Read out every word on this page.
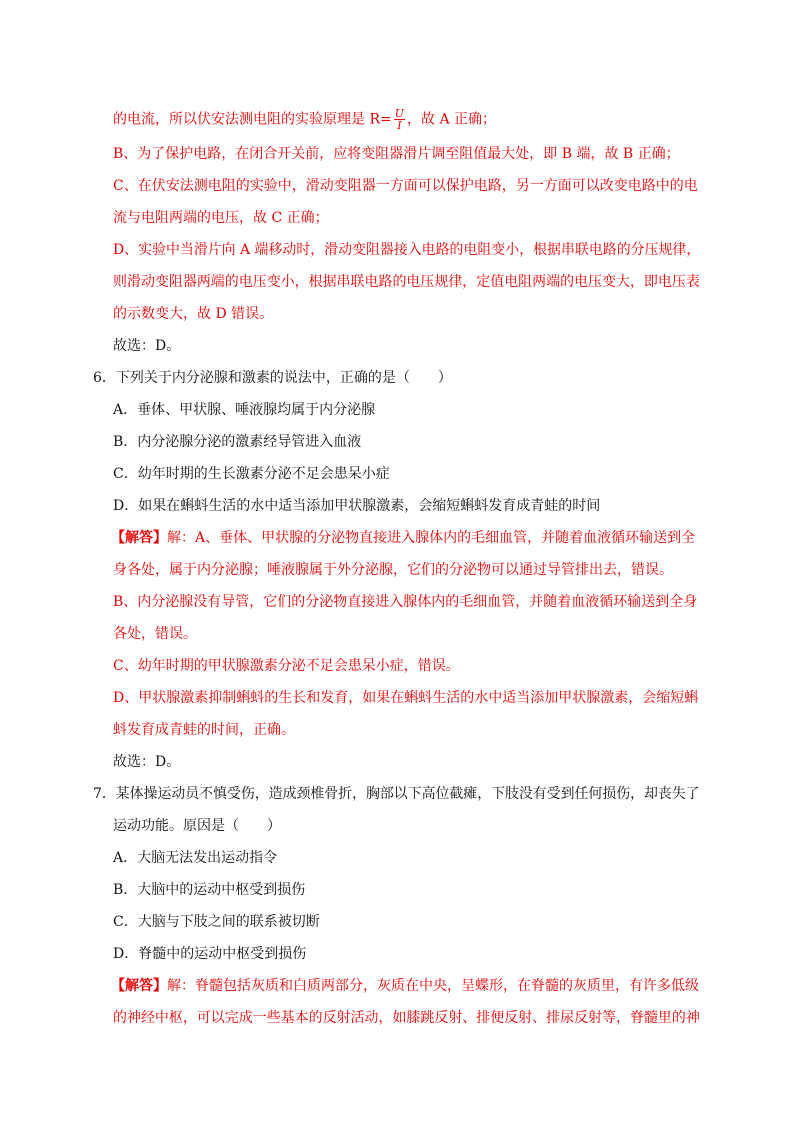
的电流，所以伏安法测电阻的实验原理是 $R= \frac{U}{I}$ ，故 A 正确；
B、为了保护电路，在闭合开关前，应将变阻器滑片调至阻值最大处，即 B 端，故 B 正确；
C、在伏安法测电阻的实验中，滑动变阻器一方面可以保护电路，另一方面可以改变电路中的电
流与电阻两端的电压，故 C 正确；
D、实验中当滑片向 A 端移动时，滑动变阻器接入电路的电阻变小，根据串联电路的分压规律，
则滑动变阻器两端的电压变小，根据串联电路的电压规律，定值电阻两端的电压变大，即电压表
的示数变大，故 D 错误。
故选：D。
6．下列关于内分泌腺和激素的说法中，正确的是（　　）
A．垂体、甲状腺、唾液腺均属于内分泌腺
B．内分泌腺分泌的激素经导管进入血液
C．幼年时期的生长激素分泌不足会患呆小症
D．如果在蝌蚪生活的水中适当添加甲状腺激素，会缩短蝌蚪发育成青蛙的时间
【解答】解：A、垂体、甲状腺的分泌物直接进入腺体内的毛细血管，并随着血液循环输送到全
身各处，属于内分泌腺；唾液腺属于外分泌腺，它们的分泌物可以通过导管排出去，错误。
B、内分泌腺没有导管，它们的分泌物直接进入腺体内的毛细血管，并随着血液循环输送到全身
各处，错误。
C、幼年时期的甲状腺激素分泌不足会患呆小症，错误。
D、甲状腺激素抑制蝌蚪的生长和发育，如果在蝌蚪生活的水中适当添加甲状腺激素，会缩短蝌
蚪发育成青蛙的时间，正确。
故选：D。
7．某体操运动员不慎受伤，造成颈椎骨折，胸部以下高位截瘫，下肢没有受到任何损伤，却丧失了
运动功能。原因是（　　）
A．大脑无法发出运动指令
B．大脑中的运动中枢受到损伤
C．大脑与下肢之间的联系被切断
D．脊髓中的运动中枢受到损伤
【解答】解：脊髓包括灰质和白质两部分，灰质在中央，呈蝶形，在脊髓的灰质里，有许多低级
的神经中枢，可以完成一些基本的反射活动，如膝跳反射、排便反射、排尿反射等，脊髓里的神
